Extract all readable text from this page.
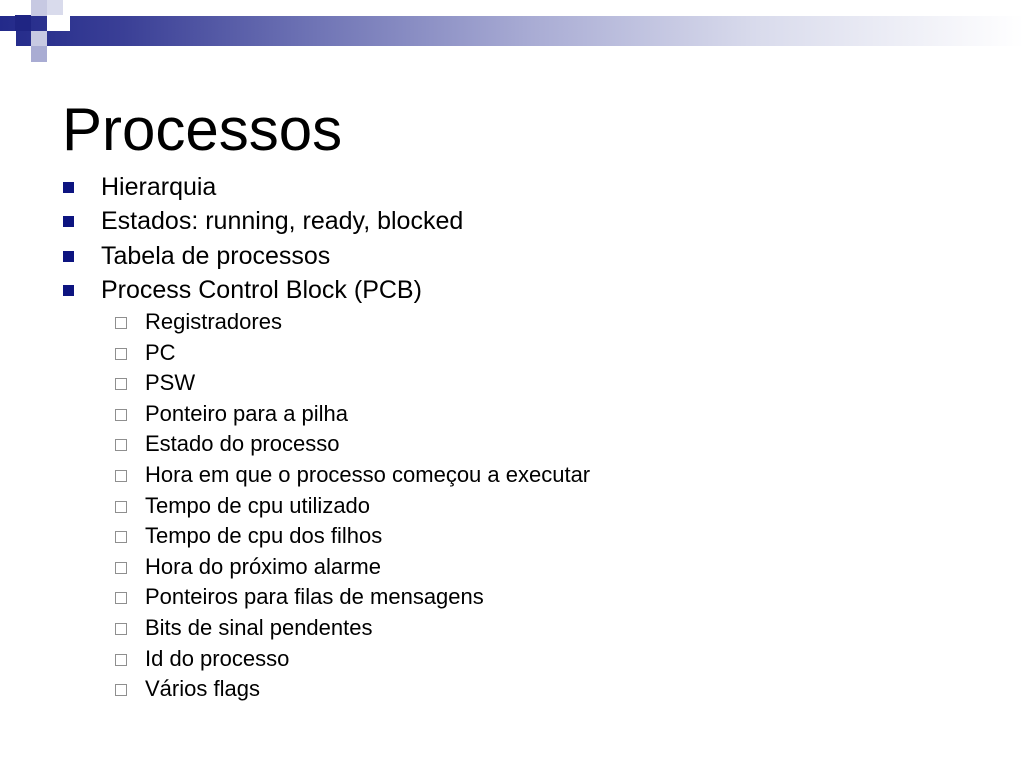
Processos
Hierarquia
Estados: running, ready, blocked
Tabela de processos
Process Control Block (PCB)
Registradores
PC
PSW
Ponteiro para a pilha
Estado do processo
Hora em que o processo começou a executar
Tempo de cpu utilizado
Tempo de cpu dos filhos
Hora do próximo alarme
Ponteiros para filas de mensagens
Bits de sinal pendentes
Id do processo
Vários flags
